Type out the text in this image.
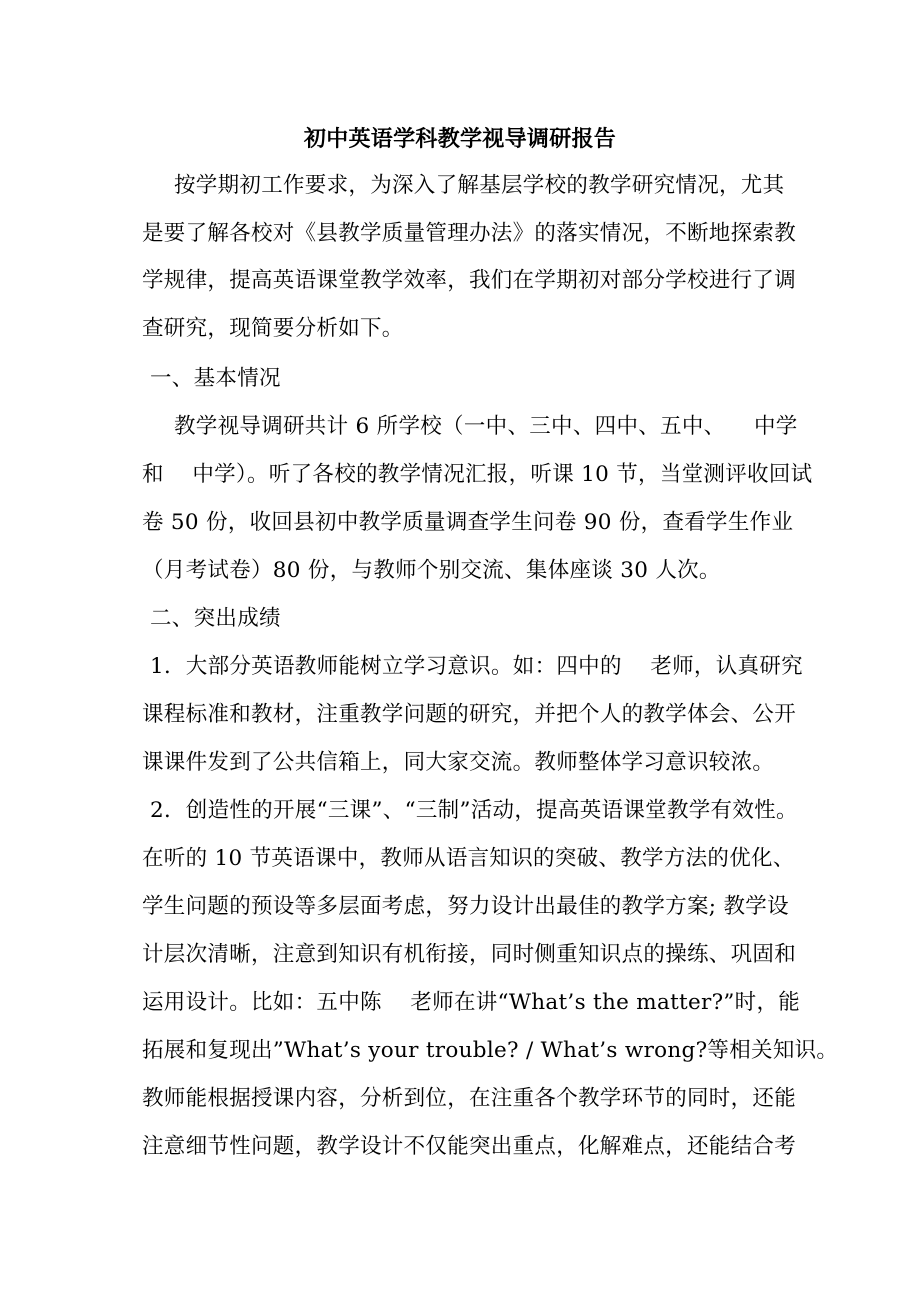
初中英语学科教学视导调研报告
按学期初工作要求，为深入了解基层学校的教学研究情况，尤其
是要了解各校对《县教学质量管理办法》的落实情况，不断地探索教
学规律，提高英语课堂教学效率，我们在学期初对部分学校进行了调
查研究，现简要分析如下。
一、基本情况
教学视导调研共计 6 所学校（一中、三中、四中、五中、    中学
和    中学）。听了各校的教学情况汇报，听课 10 节，当堂测评收回试
卷 50 份，收回县初中教学质量调查学生问卷 90 份，查看学生作业
（月考试卷）80 份，与教师个别交流、集体座谈 30 人次。
二、突出成绩
1．大部分英语教师能树立学习意识。如：四中的    老师，认真研究
课程标准和教材，注重教学问题的研究，并把个人的教学体会、公开
课课件发到了公共信箱上，同大家交流。教师整体学习意识较浓。
2．创造性的开展“三课”、“三制”活动，提高英语课堂教学有效性。
在听的 10 节英语课中，教师从语言知识的突破、教学方法的优化、
学生问题的预设等多层面考虑，努力设计出最佳的教学方案; 教学设
计层次清晰，注意到知识有机衔接，同时侧重知识点的操练、巩固和
运用设计。比如：五中陈    老师在讲“What’s the matter?”时，能
拓展和复现出”What’s your trouble? / What’s wrong?等相关知识。
教师能根据授课内容，分析到位，在注重各个教学环节的同时，还能
注意细节性问题，教学设计不仅能突出重点，化解难点，还能结合考
